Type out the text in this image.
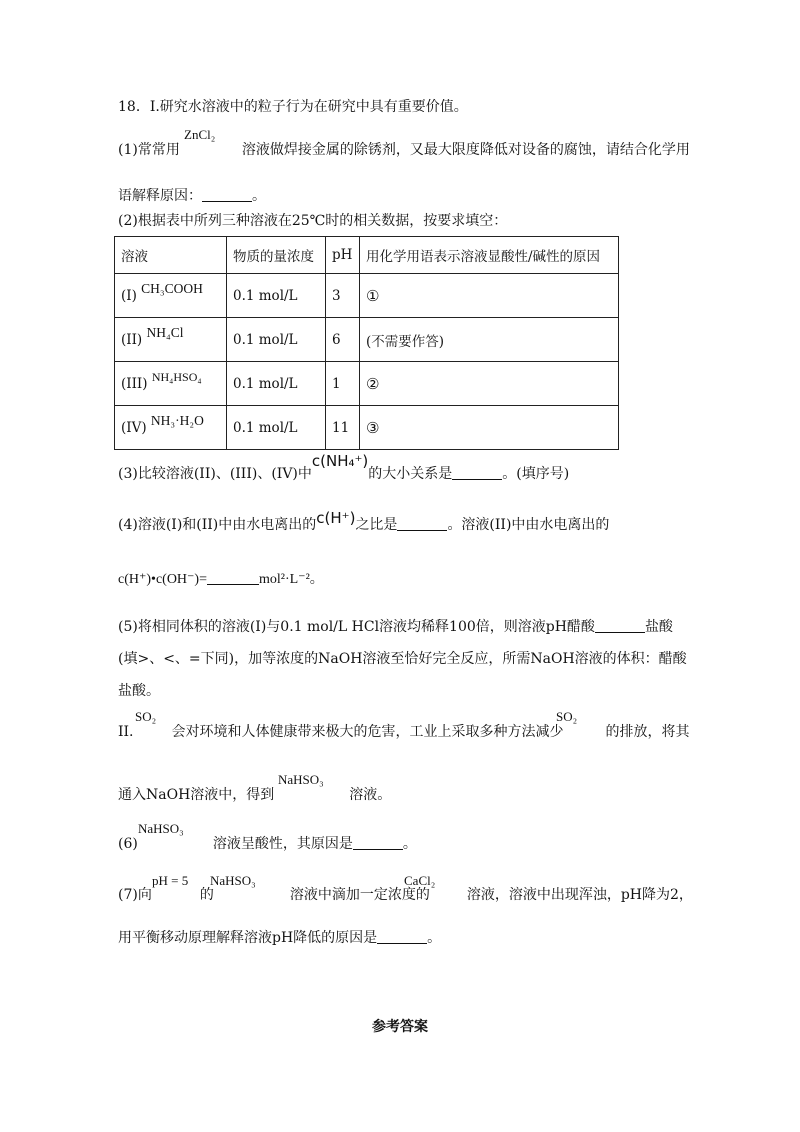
18．Ⅰ.研究水溶液中的粒子行为在研究中具有重要价值。
(1)常常用	溶液做焊接金属的除锈剂，又最大限度降低对设备的腐蚀，请结合化学用
ZnCl₂
语解释原因：	。
(2)根据表中所列三种溶液在25℃时的相关数据，按要求填空：
溶液	物质的量浓度	pH	用化学用语表示溶液显酸性/碱性的原因
(I) CH₃COOH	0.1 mol/L	3	①
(II) NH₄Cl	0.1 mol/L	6	(不需要作答)
(III) NH₄HSO₄	0.1 mol/L	1	②
(IV) NH₃·H₂O	0.1 mol/L	11	③
(3)比较溶液(II)、(III)、(IV)中c(NH₄⁺)的大小关系是	。(填序号)
(4)溶液(I)和(II)中由水电离出的c(H⁺)之比是	。溶液(II)中由水电离出的
c(H⁺)•c(OH⁻)=	mol²·L⁻²。
(5)将相同体积的溶液(I)与0.1 mol/L HCl溶液均稀释100倍，则溶液pH醋酸	盐酸
(填>、<、=下同)，加等浓度的NaOH溶液至恰好完全反应，所需NaOH溶液的体积：醋酸
盐酸。
II.	会对环境和人体健康带来极大的危害，工业上采取多种方法减少	的排放，将其
SO₂	SO₂
通入NaOH溶液中，得到	溶液。
NaHSO₃
(6)	溶液呈酸性，其原因是	。
NaHSO₃
(7)向	的	溶液中滴加一定浓度的	溶液，溶液中出现浑浊，pH降为2，
pH = 5 NaHSO₃	CaCl₂
用平衡移动原理解释溶液pH降低的原因是	。
参考答案
